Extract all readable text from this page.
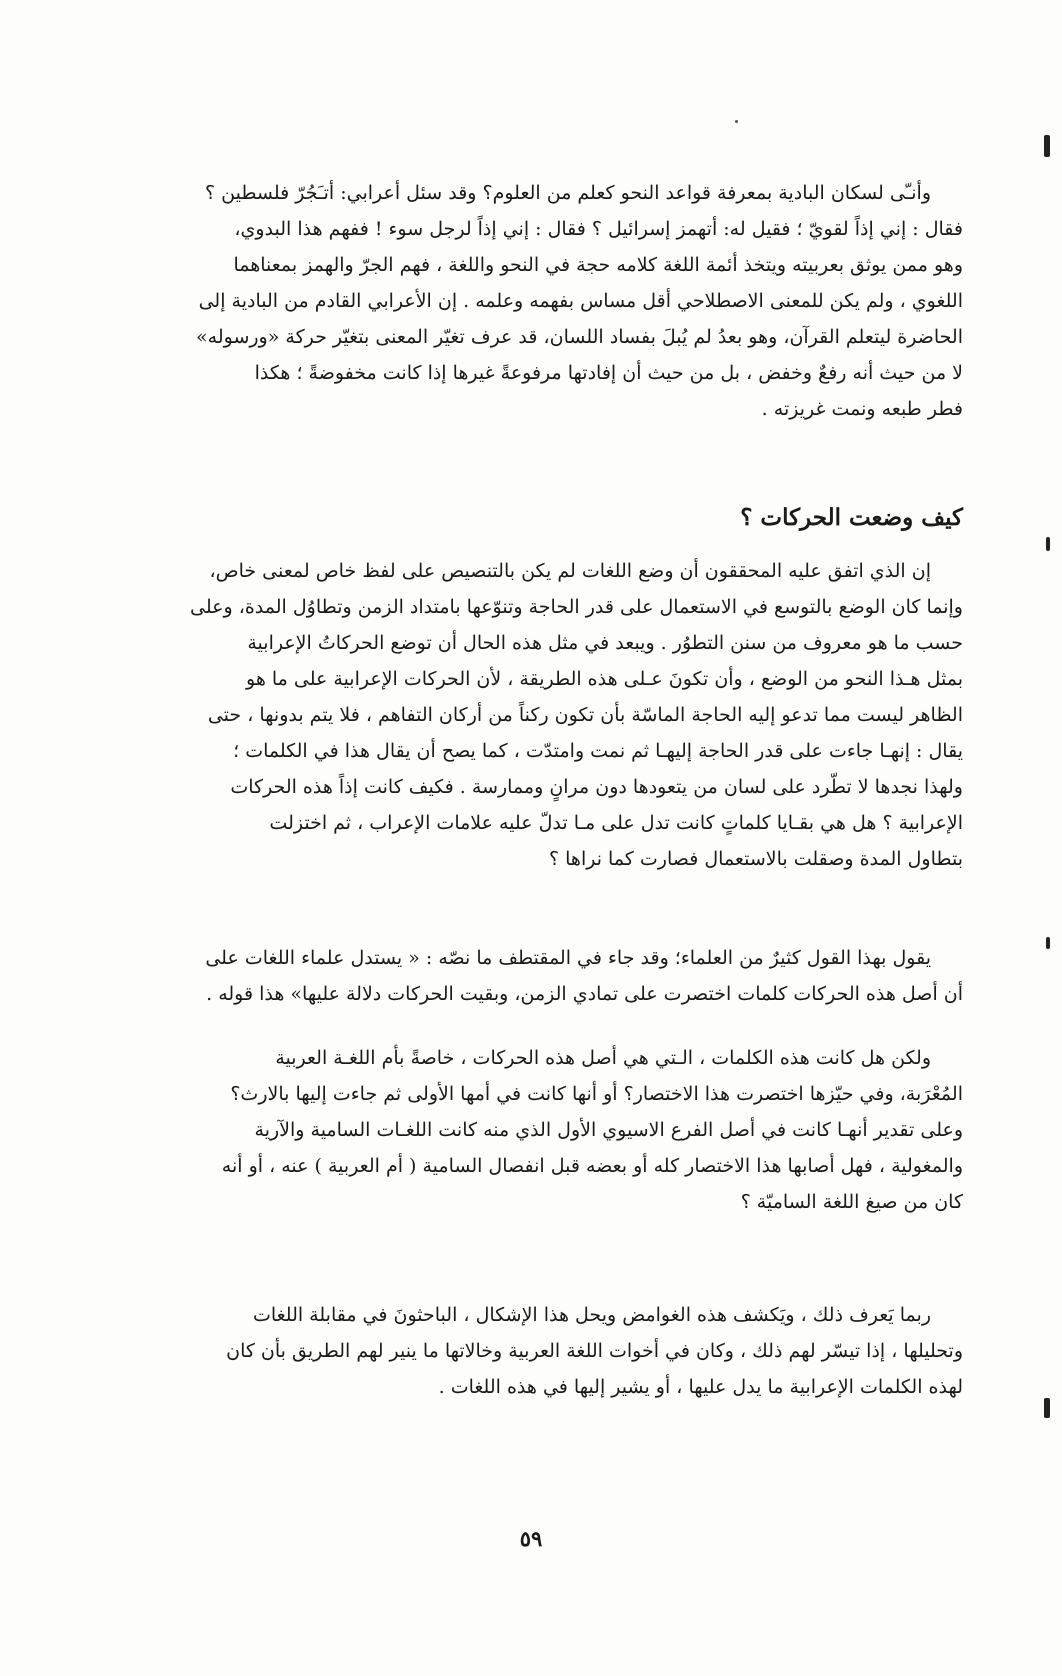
وأنـّى لسكان البادية بمعرفة قواعد النحو كعلم من العلوم؟ وقد سئل أعرابي: أتـَجُرّ فلسطين ؟

فقال : إني إذاً لقويّ ؛ فقيل له: أتهمز إسرائيل ؟ فقال : إني إذاً لرجل سوء ! ففهم هذا البدوي،
وهو ممن يوثق بعربيته ويتخذ أئمة اللغة كلامه حجة في النحو واللغة ، فهم الجرّ والهمز بمعناهما
اللغوي ، ولم يكن للمعنى الاصطلاحي أقل مساس بفهمه وعلمه . إن الأعرابي القادم من البادية إلى
الحاضرة ليتعلم القرآن، وهو بعدُ لم يُبلَ بفساد اللسان، قد عرف تغيّر المعنى بتغيّر حركة «ورسوله»
لا من حيث أنه رفعٌ وخفض ، بل من حيث أن إفادتها مرفوعةً غيرها إذا كانت مخفوضةً ؛ هكذا
فطر طبعه ونمت غريزته .
كيف وضعت الحركات ؟

إن الذي اتفق عليه المحققون أن وضع اللغات لم يكن بالتنصيص على لفظ خاص لمعنى خاص،

وإنما كان الوضع بالتوسع في الاستعمال على قدر الحاجة وتنوّعها بامتداد الزمن وتطاوُل المدة، وعلى
حسب ما هو معروف من سنن التطوُر . ويبعد في مثل هذه الحال أن توضع الحركاتُ الإعرابية
بمثل هـذا النحو من الوضع ، وأن تكونَ عـلى هذه الطريقة ، لأن الحركات الإعرابية على ما هو
الظاهر ليست مما تدعو إليه الحاجة الماسّة بأن تكون ركناً من أركان التفاهم ، فلا يتم بدونها ، حتى
يقال : إنهـا جاءت على قدر الحاجة إليهـا ثم نمت وامتدّت ، كما يصح أن يقال هذا في الكلمات ؛
ولهذا نجدها لا تطّرد على لسان من يتعودها دون مرانٍ وممارسة . فكيف كانت إذاً هذه الحركات
الإعرابية ؟ هل هي بقـايا كلماتٍ كانت تدل على مـا تدلّ عليه علامات الإعراب ، ثم اختزلت
بتطاول المدة وصقلت بالاستعمال فصارت كما نراها ؟

يقول بهذا القول كثيرٌ من العلماء؛ وقد جاء في المقتطف ما نصّه : « يستدل علماء اللغات على

أن أصل هذه الحركات كلمات اختصرت على تمادي الزمن، وبقيت الحركات دلالة عليها» هذا قوله .

ولكن هل كانت هذه الكلمات ، الـتي هي أصل هذه الحركات ، خاصةً بأم اللغـة العربية

المُعْرَبة، وفي حيّزها اختصرت هذا الاختصار؟ أو أنها كانت في أمها الأولى ثم جاءت إليها بالارث؟
وعلى تقدير أنهـا كانت في أصل الفرع الاسيوي الأول الذي منه كانت اللغـات السامية والآرية
والمغولية ، فهل أصابها هذا الاختصار كله أو بعضه قبل انفصال السامية ( أم العربية ) عنه ، أو أنه
كان من صيغ اللغة الساميّة ؟

ربما يَعرف ذلك ، ويَكشف هذه الغوامض ويحل هذا الإشكال ، الباحثونَ في مقابلة اللغات

وتحليلها ، إذا تيسّر لهم ذلك ، وكان في أخوات اللغة العربية وخالاتها ما ينير لهم الطريق بأن كان
لهذه الكلمات الإعرابية ما يدل عليها ، أو يشير إليها في هذه اللغات .
٥٩
